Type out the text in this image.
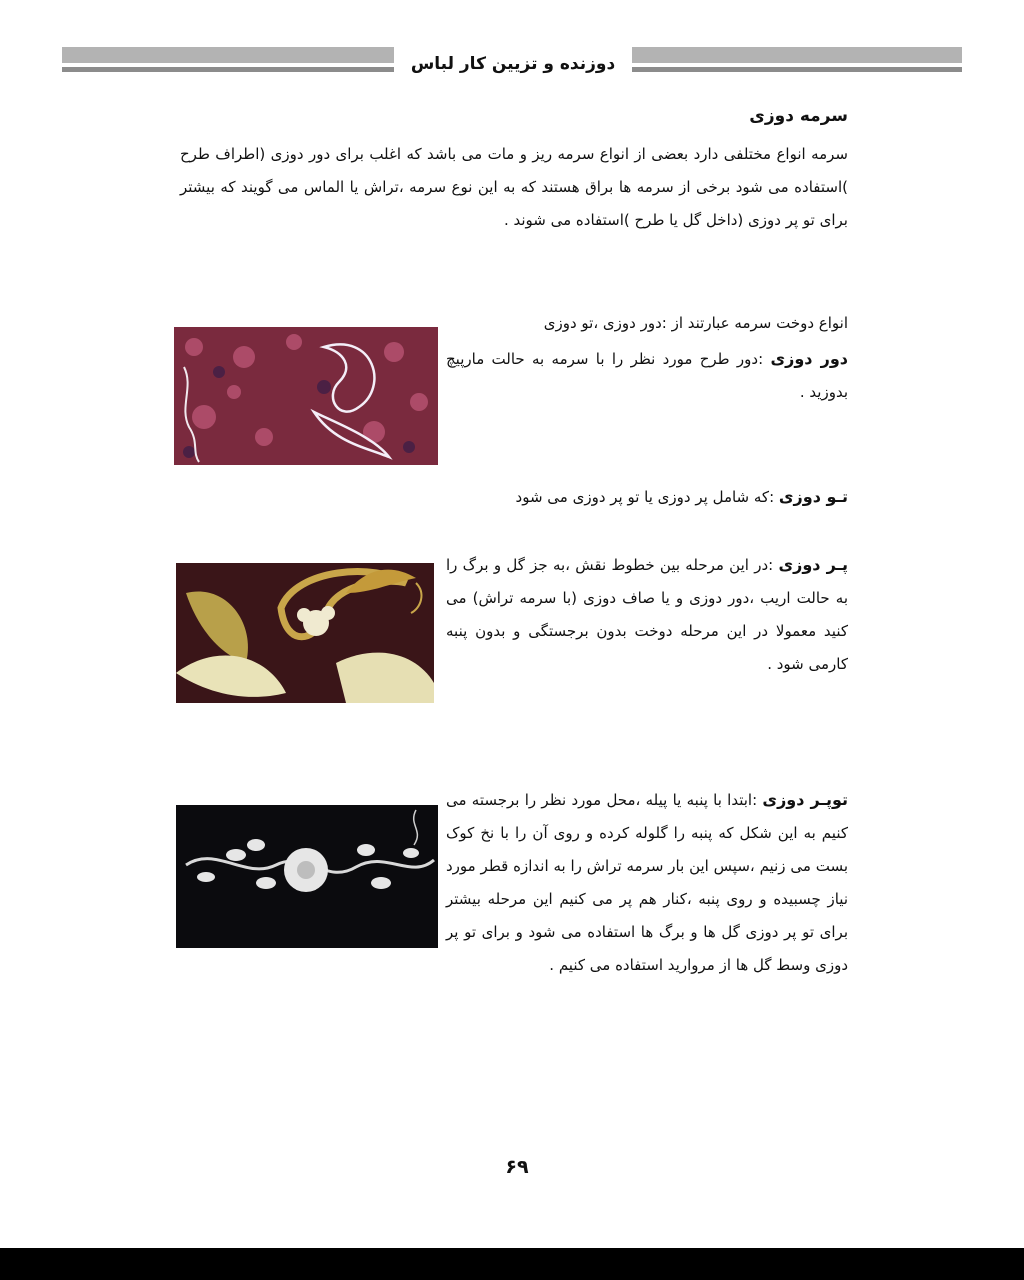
دوزنده و تزیین کار لباس
سرمه دوزی
سرمه انواع مختلفی دارد بعضی از انواع سرمه ریز و مات می باشد که اغلب برای دور دوزی (اطراف طرح )استفاده می شود برخی از سرمه ها براق هستند که به این نوع سرمه ،تراش یا الماس می گویند که بیشتر برای تو پر دوزی (داخل گل یا طرح )استفاده می شوند .
انواع دوخت سرمه عبارتند از :دور دوزی ،تو دوزی
دور دوزی :دور طرح مورد نظر را با سرمه به حالت مارپیچ بدوزید .
تـو دوزی :که شامل پر دوزی یا تو پر دوزی می شود
پـر دوزی :در این مرحله بین خطوط نقش ،به جز گل و برگ را به حالت اریب ،دور دوزی و یا صاف دوزی (با سرمه تراش) می کنید معمولا در این مرحله دوخت بدون برجستگی و بدون پنبه کارمی شود .
توپـر دوزی :ابتدا با پنبه یا پیله ،محل مورد نظر را برجسته می کنیم به این شکل که پنبه را گلوله کرده و روی آن را با نخ کوک بست می زنیم ،سپس این بار سرمه تراش را به اندازه قطر مورد نیاز چسبیده و روی پنبه ،کنار هم پر می کنیم این مرحله بیشتر برای تو پر دوزی گل ها و برگ ها استفاده می شود و برای تو پر دوزی وسط گل ها از مروارید استفاده می کنیم .
۶۹
